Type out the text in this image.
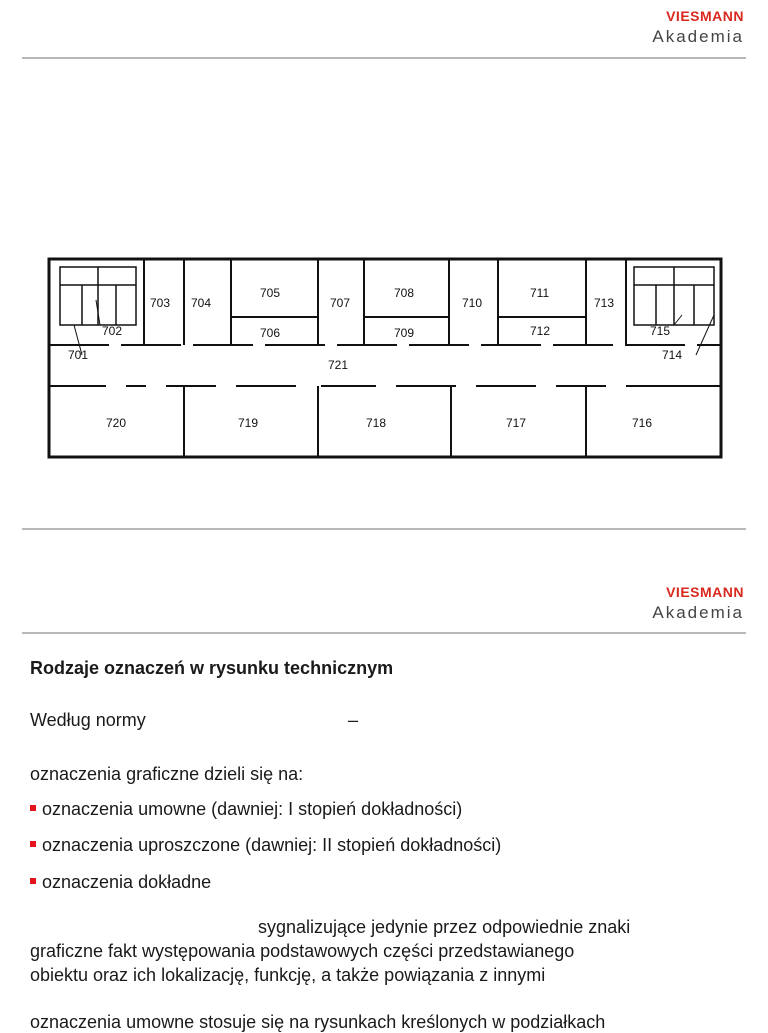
VIESMANN
Akademia
701
702
703 704
705
706
707
708
709
710
711
712
713
714
715
716
717
718
719
720
721
VIESMANN
Akademia
Rodzaje oznaczeń w rysunku technicznym
Według normy	–
oznaczenia graficzne dzieli się na:
oznaczenia umowne (dawniej: I stopień dokładności)
oznaczenia uproszczone (dawniej: II stopień dokładności)
oznaczenia dokładne
sygnalizujące jedynie przez odpowiednie znaki
graficzne fakt występowania podstawowych części przedstawianego
obiektu oraz ich lokalizację, funkcję, a także powiązania z innymi
oznaczenia umowne stosuje się na rysunkach kreślonych w podziałkach
